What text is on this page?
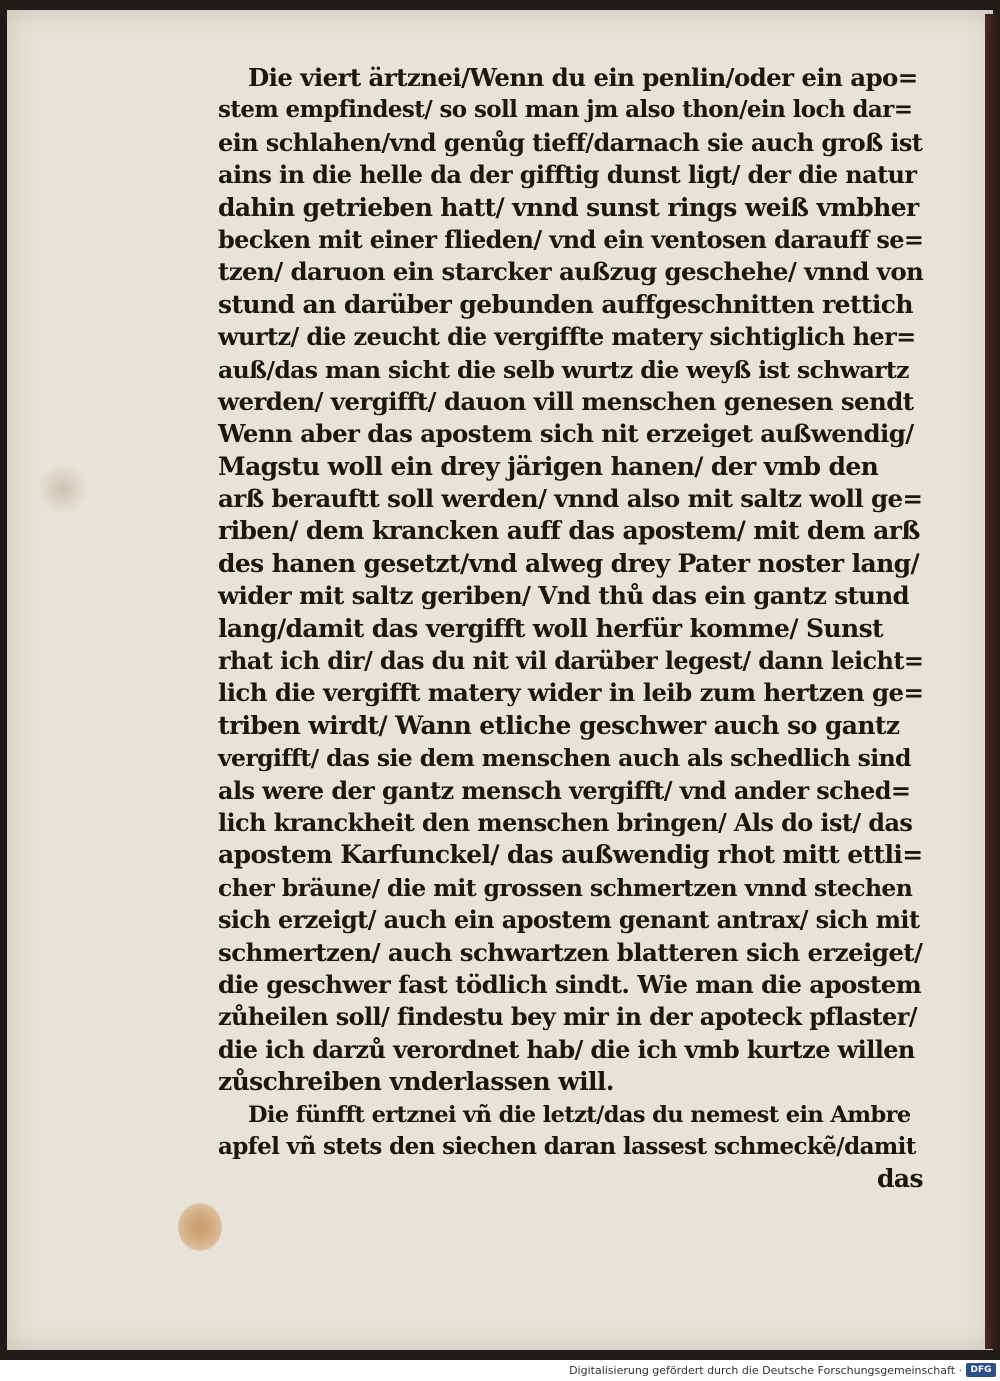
Die viert ärtznei/Wenn du ein penlin/oder ein apo=
stem empfindest/ so soll man jm also thon/ein loch dar=
ein schlahen/vnd genůg tieff/darnach sie auch groß ist
ains in die helle da der gifftig dunst ligt/ der die natur
dahin getrieben hatt/ vnnd sunst rings weiß vmbher
becken mit einer flieden/ vnd ein ventosen darauff se=
tzen/ daruon ein starcker außzug geschehe/ vnnd von
stund an darüber gebunden auffgeschnitten rettich
wurtz/ die zeucht die vergiffte matery sichtiglich her=
auß/das man sicht die selb wurtz die weyß ist schwartz
werden/ vergifft/ dauon vill menschen genesen sendt
Wenn aber das apostem sich nit erzeiget außwendig/
Magstu woll ein drey järigen hanen/ der vmb den
arß berauftt soll werden/ vnnd also mit saltz woll ge=
riben/ dem krancken auff das apostem/ mit dem arß
des hanen gesetzt/vnd alweg drey Pater noster lang/
wider mit saltz geriben/ Vnd thů das ein gantz stund
lang/damit das vergifft woll herfür komme/ Sunst
rhat ich dir/ das du nit vil darüber legest/ dann leicht=
lich die vergifft matery wider in leib zum hertzen ge=
triben wirdt/ Wann etliche geschwer auch so gantz
vergifft/ das sie dem menschen auch als schedlich sind
als were der gantz mensch vergifft/ vnd ander sched=
lich kranckheit den menschen bringen/ Als do ist/ das
apostem Karfunckel/ das außwendig rhot mitt ettli=
cher bräune/ die mit grossen schmertzen vnnd stechen
sich erzeigt/ auch ein apostem genant antrax/ sich mit
schmertzen/ auch schwartzen blatteren sich erzeiget/
die geschwer fast tödlich sindt. Wie man die apostem
zůheilen soll/ findestu bey mir in der apoteck pflaster/
die ich darzů verordnet hab/ die ich vmb kurtze willen
zůschreiben vnderlassen will.
Die fünfft ertznei vñ die letzt/das du nemest ein Ambre
apfel vñ stets den siechen daran lassest schmeckẽ/damit
das
Digitalisierung gefördert durch die Deutsche Forschungsgemeinschaft · DFG
